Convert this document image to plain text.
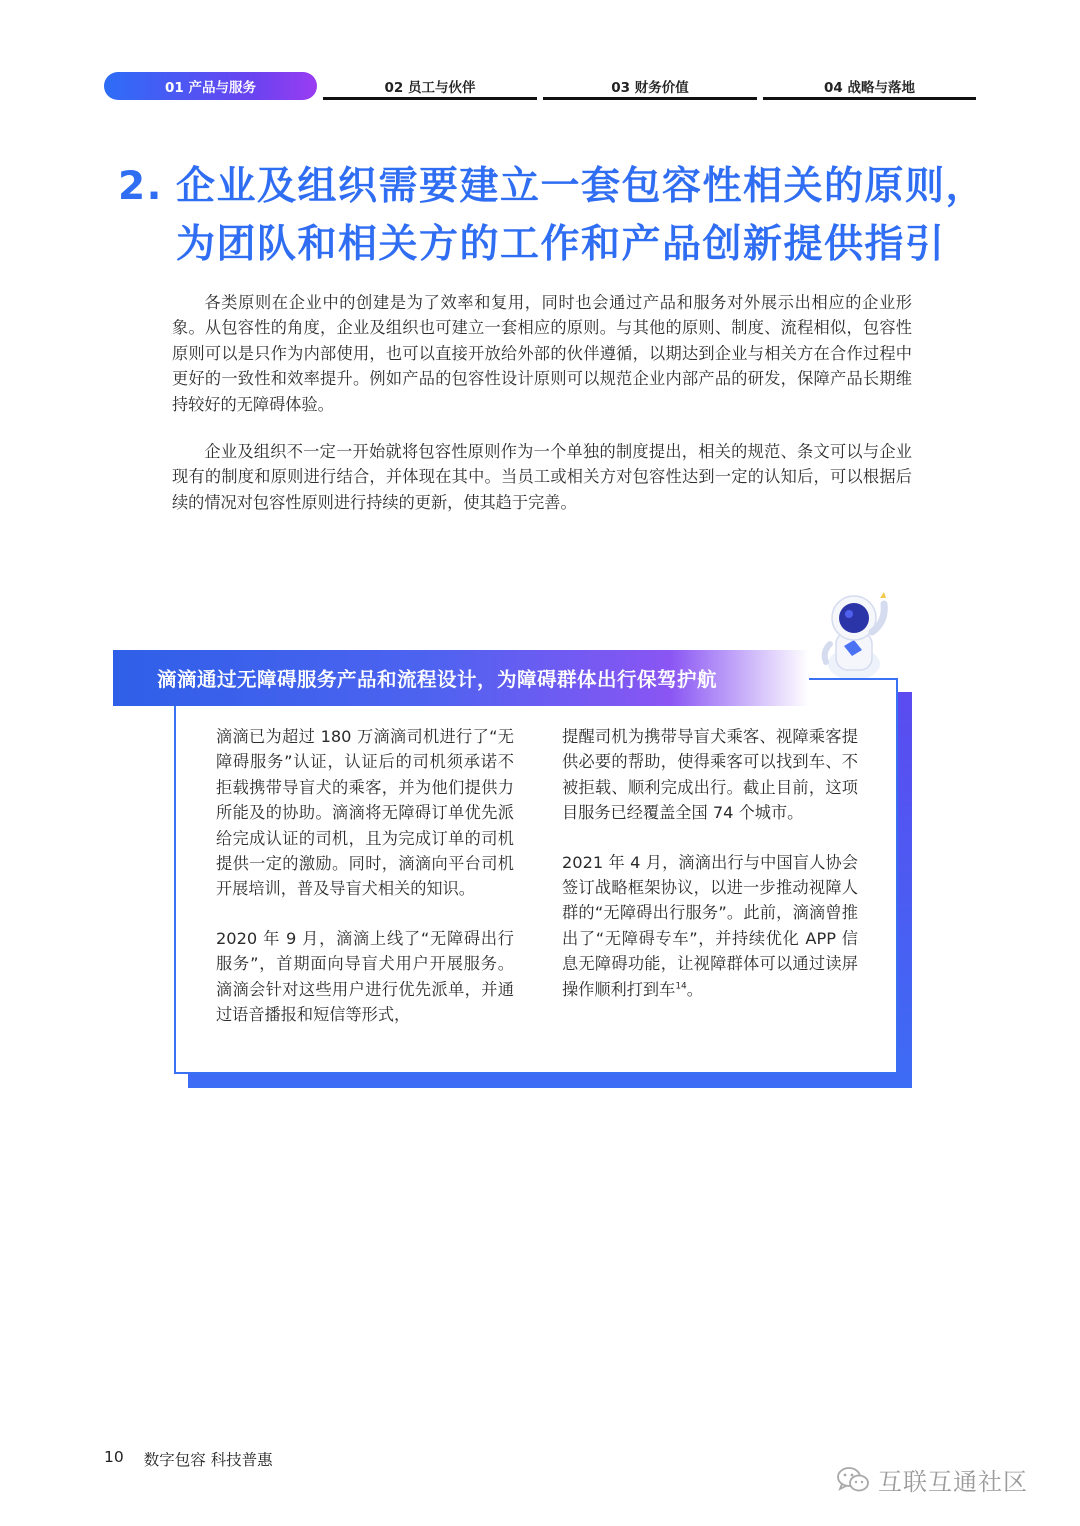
01 产品与服务	02 员工与伙伴	03 财务价值	04 战略与落地
2. 企业及组织需要建立一套包容性相关的原则，
为团队和相关方的工作和产品创新提供指引

各类原则在企业中的创建是为了效率和复用，同时也会通过产品和服务对外展示出相应的企业形象。从包容性的角度，企业及组织也可建立一套相应的原则。与其他的原则、制度、流程相似，包容性原则可以是只作为内部使用，也可以直接开放给外部的伙伴遵循，以期达到企业与相关方在合作过程中更好的一致性和效率提升。例如产品的包容性设计原则可以规范企业内部产品的研发，保障产品长期维持较好的无障碍体验。

企业及组织不一定一开始就将包容性原则作为一个单独的制度提出，相关的规范、条文可以与企业现有的制度和原则进行结合，并体现在其中。当员工或相关方对包容性达到一定的认知后，可以根据后续的情况对包容性原则进行持续的更新，使其趋于完善。

滴滴通过无障碍服务产品和流程设计，为障碍群体出行保驾护航

滴滴已为超过 180 万滴滴司机进行了“无障碍服务”认证，认证后的司机须承诺不拒载携带导盲犬的乘客，并为他们提供力所能及的协助。滴滴将无障碍订单优先派给完成认证的司机，且为完成订单的司机提供一定的激励。同时，滴滴向平台司机开展培训，普及导盲犬相关的知识。

2020 年 9 月，滴滴上线了“无障碍出行服务”，首期面向导盲犬用户开展服务。滴滴会针对这些用户进行优先派单，并通过语音播报和短信等形式，

提醒司机为携带导盲犬乘客、视障乘客提供必要的帮助，使得乘客可以找到车、不被拒载、顺利完成出行。截止目前，这项目服务已经覆盖全国 74 个城市。

2021 年 4 月，滴滴出行与中国盲人协会签订战略框架协议，以进一步推动视障人群的“无障碍出行服务”。此前，滴滴曾推出了“无障碍专车”，并持续优化 APP 信息无障碍功能，让视障群体可以通过读屏操作顺利打到车$^{14}$。

10 数字包容 科技普惠
互联互通社区
